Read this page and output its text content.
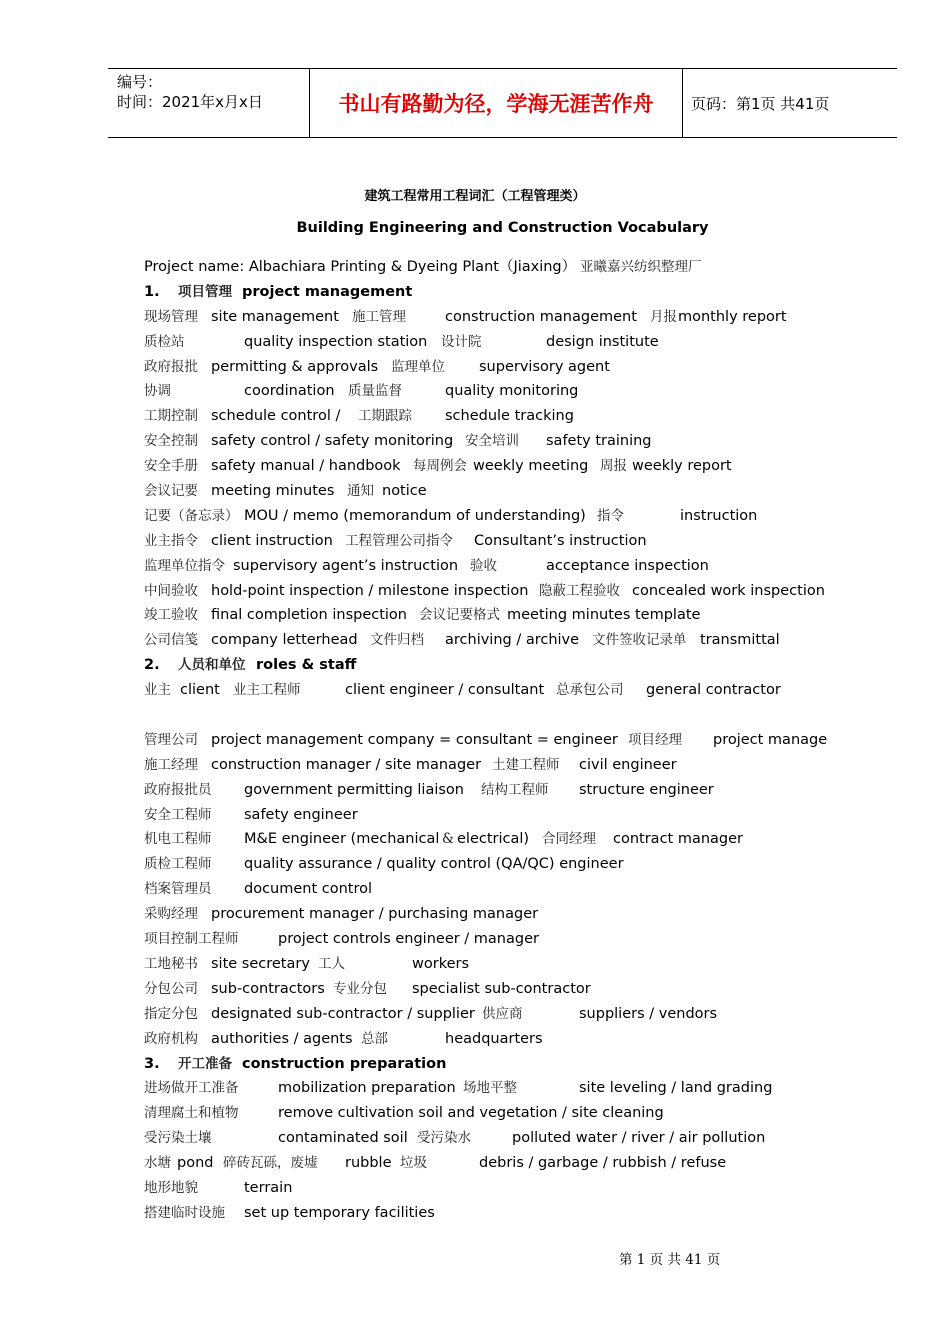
编号：
时间：2021年x月x日	书山有路勤为径，学海无涯苦作舟	页码：第1页 共41页
建筑工程常用工程词汇（工程管理类）
Building Engineering and Construction Vocabulary
Project name: Albachiara Printing & Dyeing Plant（Jiaxing） 亚曦嘉兴纺织整理厂
1. 项目管理 project management
现场管理 site management 施工管理	construction management 月报 monthly report
质检站	quality inspection station 设计院	design institute
政府报批 permitting & approvals 监理单位 supervisory agent
协调	coordination 质量监督	quality monitoring
工期控制 schedule control / 工期跟踪 schedule tracking
安全控制 safety control / safety monitoring 安全培训 safety training
安全手册 safety manual / handbook 每周例会 weekly meeting 周报 weekly report
会议记要 meeting minutes 通知 notice
记要（备忘录） MOU / memo (memorandum of understanding) 指令	instruction
业主指令 client instruction 工程管理公司指令 Consultant’s instruction
监理单位指令 supervisory agent’s instruction 验收	acceptance inspection
中间验收 hold-point inspection / milestone inspection 隐蔽工程验收 concealed work inspection
竣工验收 final completion inspection 会议记要格式 meeting minutes template
公司信笺 company letterhead 文件归档 archiving / archive 文件签收记录单 transmittal
2. 人员和单位 roles & staff
业主 client 业主工程师	client engineer / consultant 总承包公司 general contractor
管理公司 project management company = consultant = engineer 项目经理 project manage
施工经理 construction manager / site manager 土建工程师 civil engineer
政府报批员 government permitting liaison 结构工程师 structure engineer
安全工程师 safety engineer
机电工程师 M&E engineer (mechanical & electrical) 合同经理 contract manager
质检工程师 quality assurance / quality control (QA/QC) engineer
档案管理员 document control
采购经理 procurement manager / purchasing manager
项目控制工程师	project controls engineer / manager
工地秘书 site secretary 工人	workers
分包公司 sub-contractors 专业分包 specialist sub-contractor
指定分包 designated sub-contractor / supplier 供应商	suppliers / vendors
政府机构 authorities / agents 总部	headquarters
3. 开工准备 construction preparation
进场做开工准备	mobilization preparation 场地平整	site leveling / land grading
清理腐土和植物	remove cultivation soil and vegetation / site cleaning
受污染土壤	contaminated soil 受污染水	polluted water / river / air pollution
水塘 pond 碎砖瓦砾，废墟 rubble 垃圾	debris / garbage / rubbish / refuse
地形地貌	terrain
搭建临时设施 set up temporary facilities
第 1 页 共 41 页
